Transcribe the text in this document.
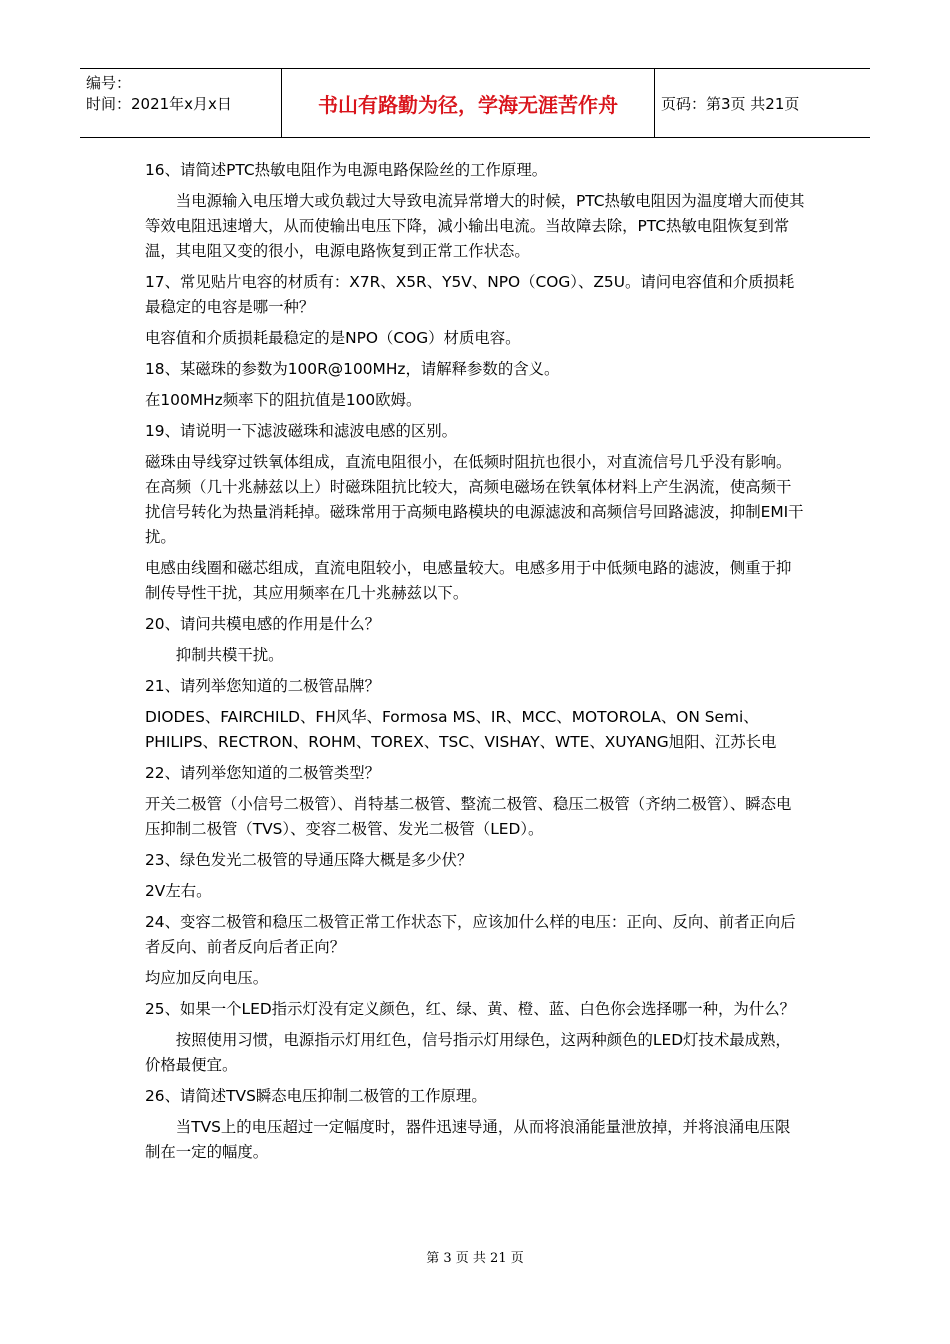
编号：
时间：2021年x月x日	书山有路勤为径，学海无涯苦作舟	页码：第3页 共21页

16、请简述PTC热敏电阻作为电源电路保险丝的工作原理。

当电源输入电压增大或负载过大导致电流异常增大的时候，PTC热敏电阻因为温度增大而使其等效电阻迅速增大，从而使输出电压下降，减小输出电流。当故障去除，PTC热敏电阻恢复到常温，其电阻又变的很小，电源电路恢复到正常工作状态。

17、常见贴片电容的材质有：X7R、X5R、Y5V、NPO（COG）、Z5U。请问电容值和介质损耗最稳定的电容是哪一种？

电容值和介质损耗最稳定的是NPO（COG）材质电容。

18、某磁珠的参数为100R@100MHz，请解释参数的含义。

在100MHz频率下的阻抗值是100欧姆。

19、请说明一下滤波磁珠和滤波电感的区别。

磁珠由导线穿过铁氧体组成，直流电阻很小，在低频时阻抗也很小，对直流信号几乎没有影响。在高频（几十兆赫兹以上）时磁珠阻抗比较大，高频电磁场在铁氧体材料上产生涡流，使高频干扰信号转化为热量消耗掉。磁珠常用于高频电路模块的电源滤波和高频信号回路滤波，抑制EMI干扰。

电感由线圈和磁芯组成，直流电阻较小，电感量较大。电感多用于中低频电路的滤波，侧重于抑制传导性干扰，其应用频率在几十兆赫兹以下。

20、请问共模电感的作用是什么？

抑制共模干扰。

21、请列举您知道的二极管品牌？

DIODES、FAIRCHILD、FH风华、Formosa MS、IR、MCC、MOTOROLA、ON Semi、PHILIPS、RECTRON、ROHM、TOREX、TSC、VISHAY、WTE、XUYANG旭阳、江苏长电

22、请列举您知道的二极管类型？

开关二极管（小信号二极管）、肖特基二极管、整流二极管、稳压二极管（齐纳二极管）、瞬态电压抑制二极管（TVS）、变容二极管、发光二极管（LED）。

23、绿色发光二极管的导通压降大概是多少伏？

2V左右。

24、变容二极管和稳压二极管正常工作状态下，应该加什么样的电压：正向、反向、前者正向后者反向、前者反向后者正向？

均应加反向电压。

25、如果一个LED指示灯没有定义颜色，红、绿、黄、橙、蓝、白色你会选择哪一种，为什么？

按照使用习惯，电源指示灯用红色，信号指示灯用绿色，这两种颜色的LED灯技术最成熟，价格最便宜。

26、请简述TVS瞬态电压抑制二极管的工作原理。

当TVS上的电压超过一定幅度时，器件迅速导通，从而将浪涌能量泄放掉，并将浪涌电压限制在一定的幅度。

第 3 页 共 21 页
